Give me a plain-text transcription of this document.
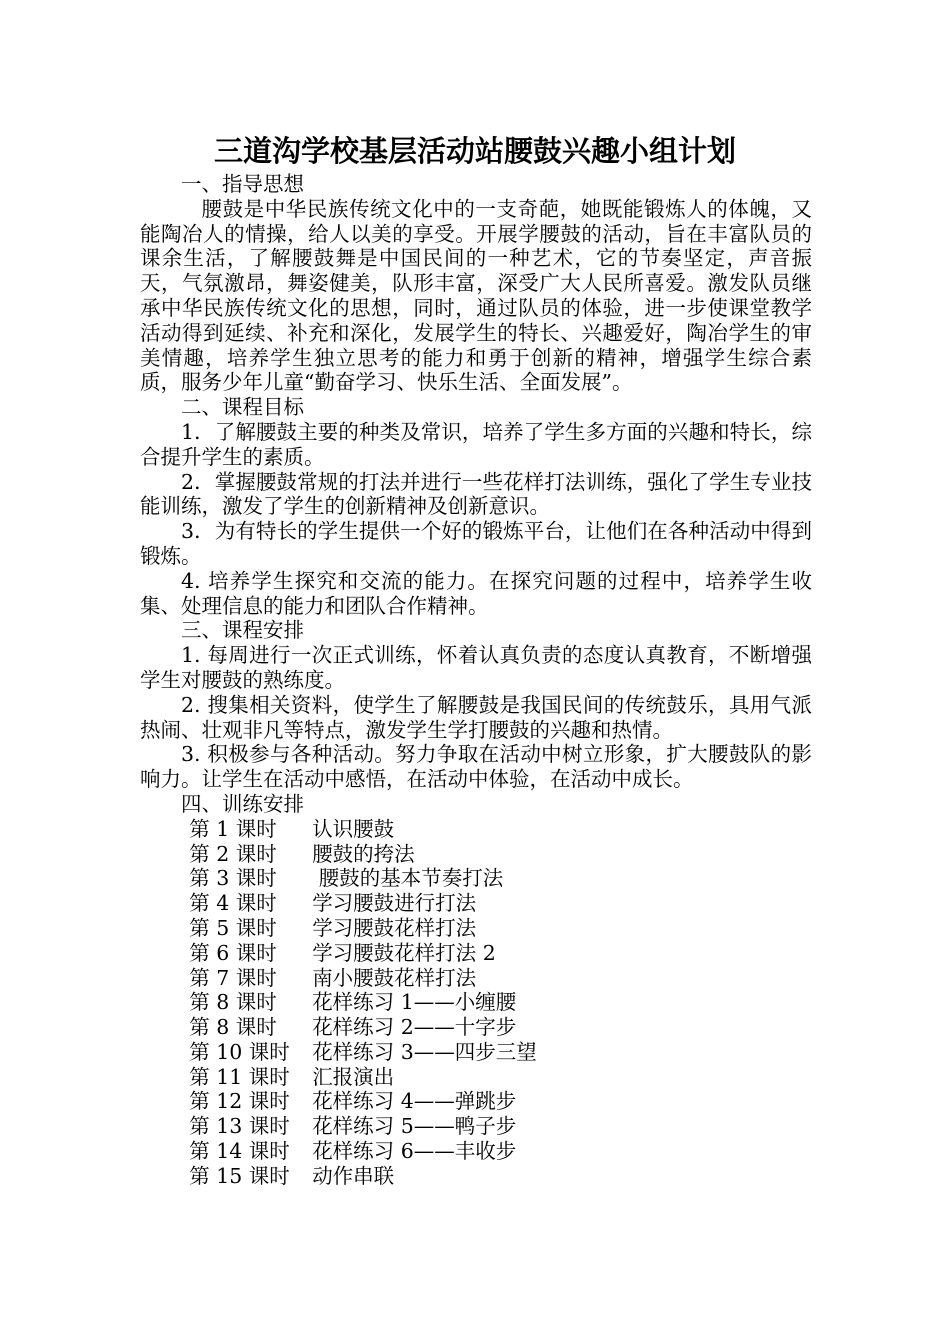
三道沟学校基层活动站腰鼓兴趣小组计划

一、指导思想

腰鼓是中华民族传统文化中的一支奇葩，她既能锻炼人的体魄，又能陶冶人的情操，给人以美的享受。开展学腰鼓的活动，旨在丰富队员的课余生活，了解腰鼓舞是中国民间的一种艺术，它的节奏坚定，声音振天，气氛激昂，舞姿健美，队形丰富，深受广大人民所喜爱。激发队员继承中华民族传统文化的思想，同时，通过队员的体验，进一步使课堂教学活动得到延续、补充和深化，发展学生的特长、兴趣爱好，陶冶学生的审美情趣，培养学生独立思考的能力和勇于创新的精神，增强学生综合素质，服务少年儿童“勤奋学习、快乐生活、全面发展”。

二、课程目标

1．了解腰鼓主要的种类及常识，培养了学生多方面的兴趣和特长，综合提升学生的素质。

2．掌握腰鼓常规的打法并进行一些花样打法训练，强化了学生专业技能训练，激发了学生的创新精神及创新意识。

3．为有特长的学生提供一个好的锻炼平台，让他们在各种活动中得到锻炼。

4. 培养学生探究和交流的能力。在探究问题的过程中，培养学生收集、处理信息的能力和团队合作精神。

三、课程安排

1. 每周进行一次正式训练，怀着认真负责的态度认真教育，不断增强学生对腰鼓的熟练度。

2. 搜集相关资料，使学生了解腰鼓是我国民间的传统鼓乐，具用气派热闹、壮观非凡等特点，激发学生学打腰鼓的兴趣和热情。

3. 积极参与各种活动。努力争取在活动中树立形象，扩大腰鼓队的影响力。让学生在活动中感悟，在活动中体验，在活动中成长。

四、训练安排

第 1 课时 认识腰鼓

第 2 课时 腰鼓的挎法

第 3 课时 腰鼓的基本节奏打法

第 4 课时 学习腰鼓进行打法

第 5 课时 学习腰鼓花样打法

第 6 课时 学习腰鼓花样打法 2

第 7 课时 南小腰鼓花样打法

第 8 课时 花样练习 1——小缠腰

第 8 课时 花样练习 2——十字步

第 10 课时 花样练习 3——四步三望

第 11 课时 汇报演出

第 12 课时 花样练习 4——弹跳步

第 13 课时 花样练习 5——鸭子步

第 14 课时 花样练习 6——丰收步

第 15 课时 动作串联
